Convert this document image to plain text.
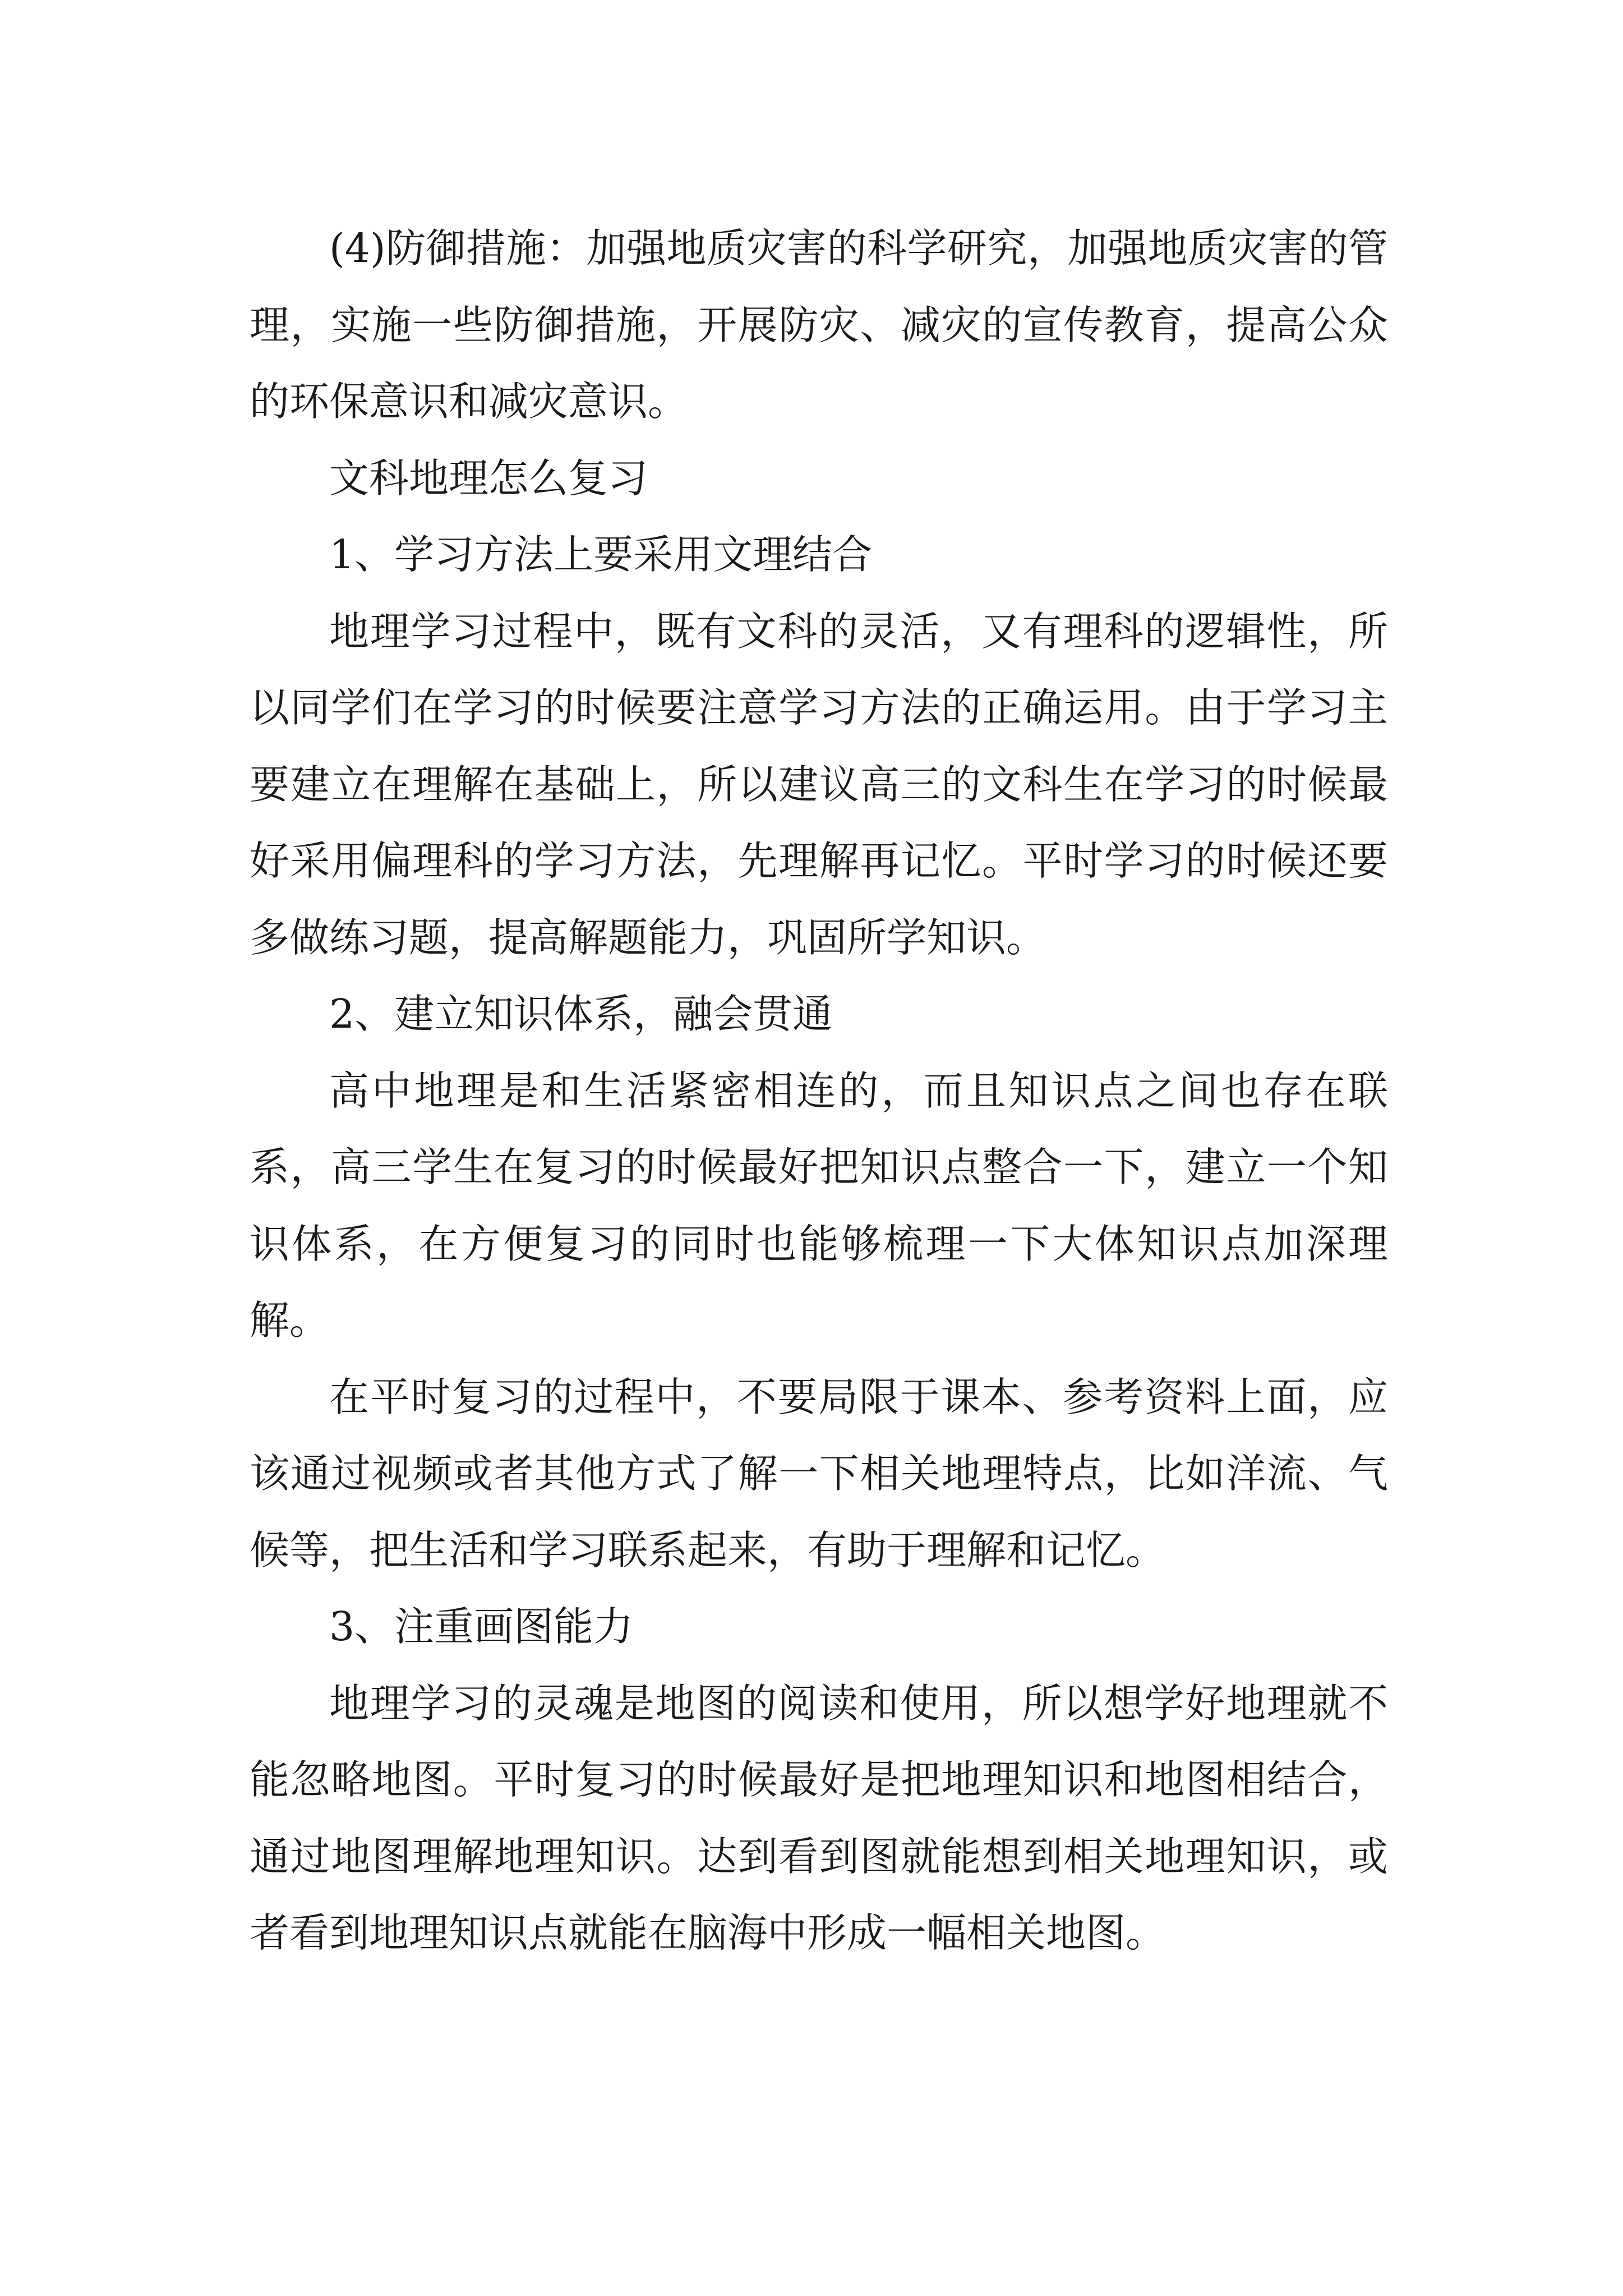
(4)防御措施：加强地质灾害的科学研究，加强地质灾害的管理，实施一些防御措施，开展防灾、减灾的宣传教育，提高公众的环保意识和减灾意识。

文科地理怎么复习

1、学习方法上要采用文理结合

地理学习过程中，既有文科的灵活，又有理科的逻辑性，所以同学们在学习的时候要注意学习方法的正确运用。由于学习主要建立在理解在基础上，所以建议高三的文科生在学习的时候最好采用偏理科的学习方法，先理解再记忆。平时学习的时候还要多做练习题，提高解题能力，巩固所学知识。

2、建立知识体系，融会贯通

高中地理是和生活紧密相连的，而且知识点之间也存在联系，高三学生在复习的时候最好把知识点整合一下，建立一个知识体系，在方便复习的同时也能够梳理一下大体知识点加深理解。

在平时复习的过程中，不要局限于课本、参考资料上面，应该通过视频或者其他方式了解一下相关地理特点，比如洋流、气候等，把生活和学习联系起来，有助于理解和记忆。

3、注重画图能力

地理学习的灵魂是地图的阅读和使用，所以想学好地理就不能忽略地图。平时复习的时候最好是把地理知识和地图相结合，通过地图理解地理知识。达到看到图就能想到相关地理知识，或者看到地理知识点就能在脑海中形成一幅相关地图。
